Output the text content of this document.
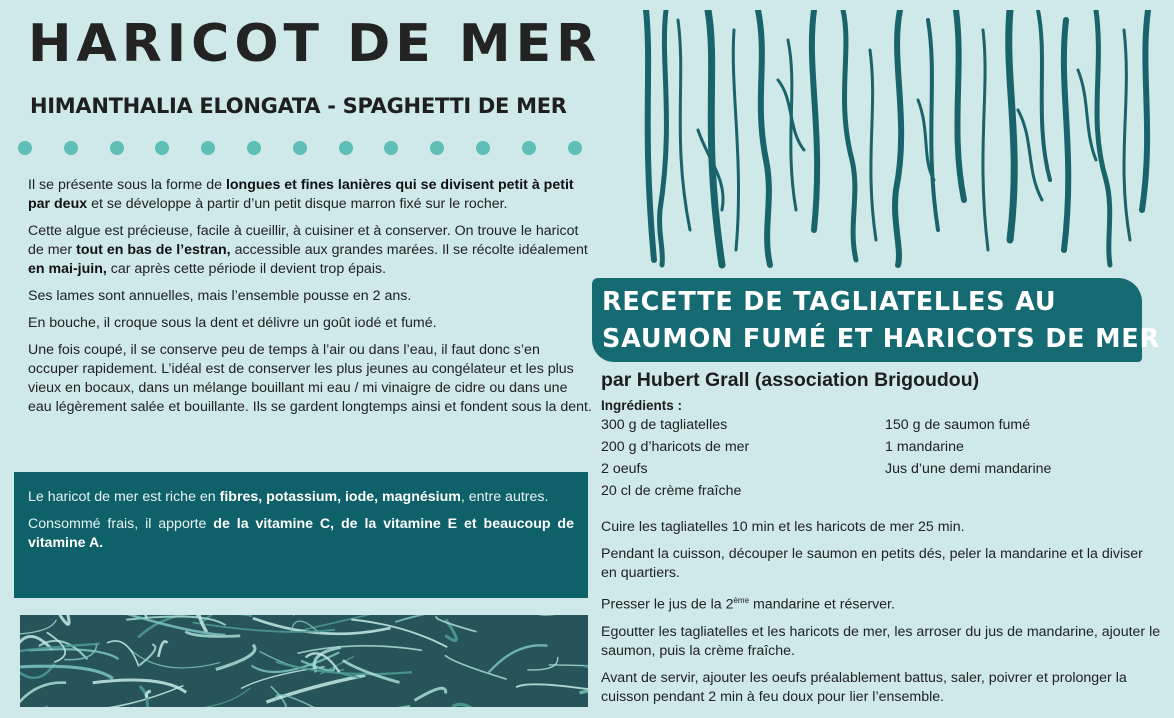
HARICOT DE MER
HIMANTHALIA ELONGATA - SPAGHETTI DE MER

Il se présente sous la forme de longues et fines lanières qui se divisent petit à petit par deux et se développe à partir d’un petit disque marron fixé sur le rocher.

Cette algue est précieuse, facile à cueillir, à cuisiner et à conserver. On trouve le haricot de mer tout en bas de l’estran, accessible aux grandes marées. Il se récolte idéalement en mai-juin, car après cette période il devient trop épais.

Ses lames sont annuelles, mais l’ensemble pousse en 2 ans.

En bouche, il croque sous la dent et délivre un goût iodé et fumé.

Une fois coupé, il se conserve peu de temps à l’air ou dans l’eau, il faut donc s’en occuper rapidement. L’idéal est de conserver les plus jeunes au congélateur et les plus vieux en bocaux, dans un mélange bouillant mi eau / mi vinaigre de cidre ou dans une eau légèrement salée et bouillante. Ils se gardent longtemps ainsi et fondent sous la dent.

Le haricot de mer est riche en fibres, potassium, iode, magnésium, entre autres.

Consommé frais, il apporte de la vitamine C, de la vitamine E et beaucoup de vitamine A.

RECETTE DE TAGLIATELLES AU
SAUMON FUMÉ ET HARICOTS DE MER

par Hubert Grall (association Brigoudou)

Ingrédients :
300 g de tagliatelles
200 g d’haricots de mer
2 oeufs
20 cl de crème fraîche
150 g de saumon fumé
1 mandarine
Jus d’une demi mandarine

Cuire les tagliatelles 10 min et les haricots de mer 25 min.

Pendant la cuisson, découper le saumon en petits dés, peler la mandarine et la diviser en quartiers.

Presser le jus de la 2ème mandarine et réserver.

Egoutter les tagliatelles et les haricots de mer, les arroser du jus de mandarine, ajouter le saumon, puis la crème fraîche.

Avant de servir, ajouter les oeufs préalablement battus, saler, poivrer et prolonger la cuisson pendant 2 min à feu doux pour lier l’ensemble.
